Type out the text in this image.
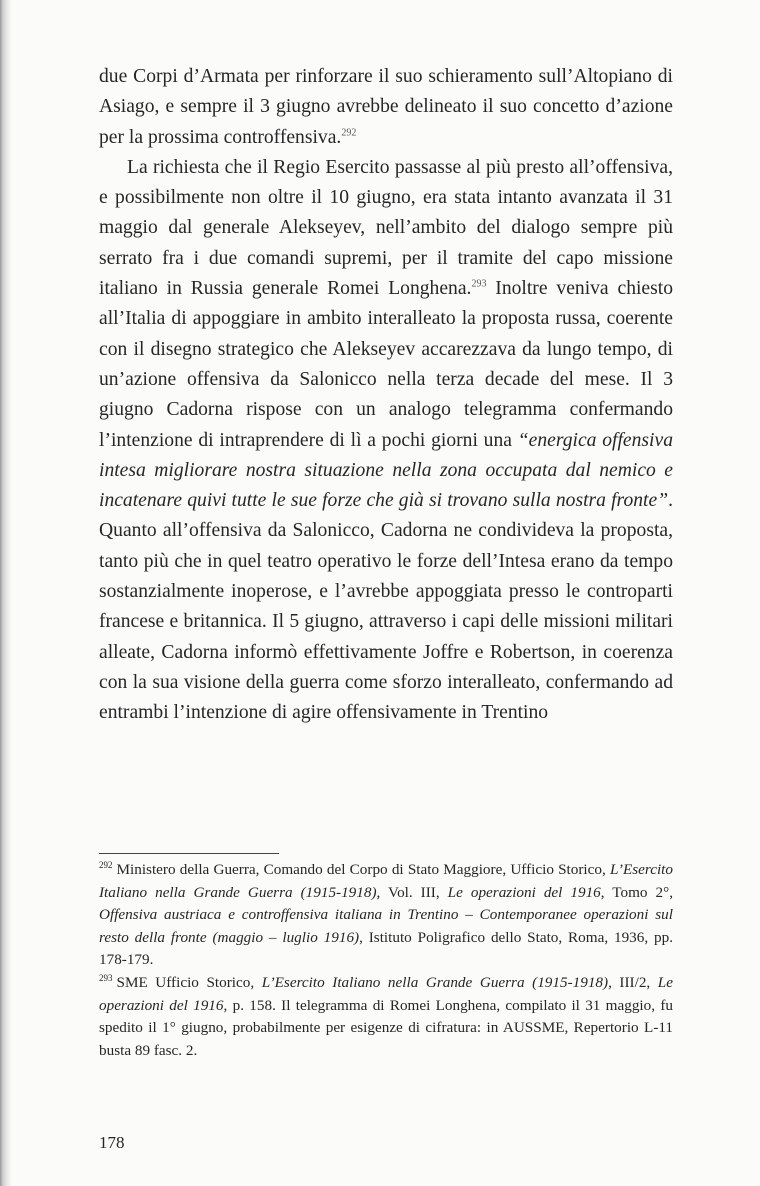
due Corpi d’Armata per rinforzare il suo schieramento sull’Altopiano di Asiago, e sempre il 3 giugno avrebbe delineato il suo concetto d’azione per la prossima controffensiva.$^{292}$

La richiesta che il Regio Esercito passasse al più presto all’offensiva, e possibilmente non oltre il 10 giugno, era stata intanto avanzata il 31 maggio dal generale Alekseyev, nell’ambito del dialogo sempre più serrato fra i due comandi supremi, per il tramite del capo missione italiano in Russia generale Romei Longhena.$^{293}$ Inoltre veniva chiesto all’Italia di appoggiare in ambito interalleato la proposta russa, coerente con il disegno strategico che Alekseyev accarezzava da lungo tempo, di un’azione offensiva da Salonicco nella terza decade del mese. Il 3 giugno Cadorna rispose con un analogo telegramma confermando l’intenzione di intraprendere di lì a pochi giorni una “energica offensiva intesa migliorare nostra situazione nella zona occupata dal nemico e incatenare quivi tutte le sue forze che già si trovano sulla nostra fronte”. Quanto all’offensiva da Salonicco, Cadorna ne condivideva la proposta, tanto più che in quel teatro operativo le forze dell’Intesa erano da tempo sostanzialmente inoperose, e l’avrebbe appoggiata presso le controparti francese e britannica. Il 5 giugno, attraverso i capi delle missioni militari alleate, Cadorna informò effettivamente Joffre e Robertson, in coerenza con la sua visione della guerra come sforzo interalleato, confermando ad entrambi l’intenzione di agire offensivamente in Trentino

$^{292}$ Ministero della Guerra, Comando del Corpo di Stato Maggiore, Ufficio Storico, L’Esercito Italiano nella Grande Guerra (1915-1918), Vol. III, Le operazioni del 1916, Tomo 2°, Offensiva austriaca e controffensiva italiana in Trentino – Contemporanee operazioni sul resto della fronte (maggio – luglio 1916), Istituto Poligrafico dello Stato, Roma, 1936, pp. 178-179.

$^{293}$ SME Ufficio Storico, L’Esercito Italiano nella Grande Guerra (1915-1918), III/2, Le operazioni del 1916, p. 158. Il telegramma di Romei Longhena, compilato il 31 maggio, fu spedito il 1° giugno, probabilmente per esigenze di cifratura: in AUSSME, Repertorio L-11 busta 89 fasc. 2.

178
